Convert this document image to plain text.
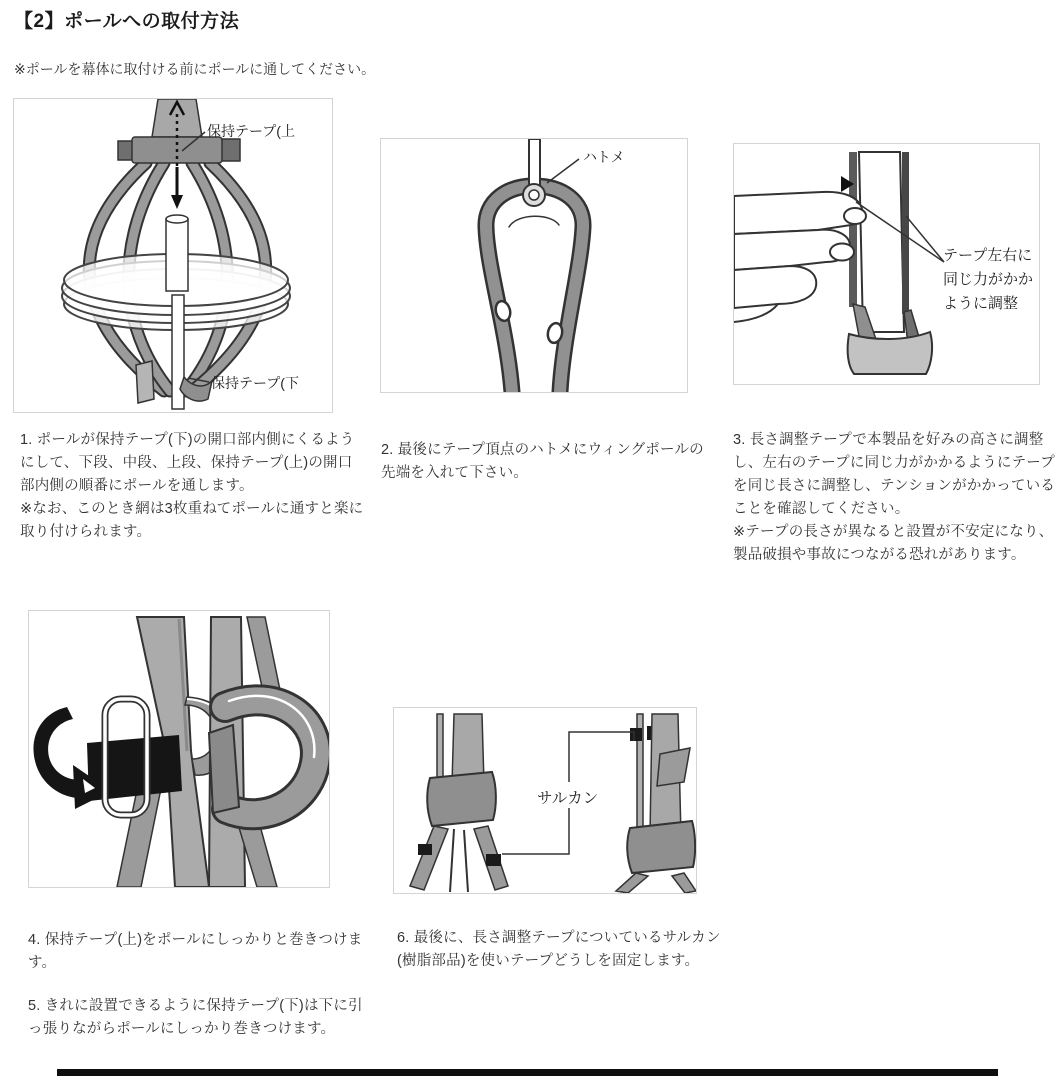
【2】ポールへの取付方法
※ポールを幕体に取付ける前にポールに通してください。
保持テープ(上
保持テープ(下
ハトメ
テープ左右に
同じ力がかか
ように調整
1. ポールが保持テープ(下)の開口部内側にくるようにして、下段、中段、上段、保持テープ(上)の開口部内側の順番にポールを通します。
※なお、このとき網は3枚重ねてポールに通すと楽に取り付けられます。
2. 最後にテープ頂点のハトメにウィングポールの先端を入れて下さい。
3. 長さ調整テープで本製品を好みの高さに調整し、左右のテープに同じ力がかかるようにテープを同じ長さに調整し、テンションがかかっていることを確認してください。
※テープの長さが異なると設置が不安定になり、製品破損や事故につながる恐れがあります。
サルカン
4. 保持テープ(上)をポールにしっかりと巻きつけます。
5. きれに設置できるように保持テープ(下)は下に引っ張りながらポールにしっかり巻きつけます。
6. 最後に、長さ調整テープについているサルカン(樹脂部品)を使いテープどうしを固定します。
